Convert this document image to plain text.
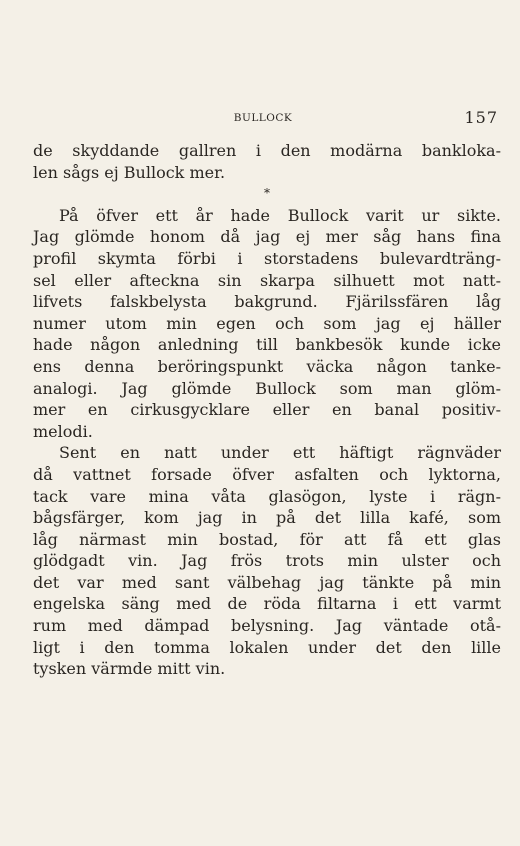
BULLOCK	157
de skyddande gallren i den modärna bankloka-
len sågs ej Bullock mer.
*
På öfver ett år hade Bullock varit ur sikte.
Jag glömde honom då jag ej mer såg hans fina
profil skymta förbi i storstadens bulevardträng-
sel eller afteckna sin skarpa silhuett mot natt-
lifvets falskbelysta bakgrund. Fjärilssfären låg
numer utom min egen och som jag ej häller
hade någon anledning till bankbesök kunde icke
ens denna beröringspunkt väcka någon tanke-
analogi. Jag glömde Bullock som man glöm-
mer en cirkusgycklare eller en banal positiv-
melodi.
Sent en natt under ett häftigt rägnväder
då vattnet forsade öfver asfalten och lyktorna,
tack vare mina våta glasögon, lyste i rägn-
bågsfärger, kom jag in på det lilla kafé, som
låg närmast min bostad, för att få ett glas
glödgadt vin. Jag frös trots min ulster och
det var med sant välbehag jag tänkte på min
engelska säng med de röda filtarna i ett varmt
rum med dämpad belysning. Jag väntade otå-
ligt i den tomma lokalen under det den lille
tysken värmde mitt vin.
